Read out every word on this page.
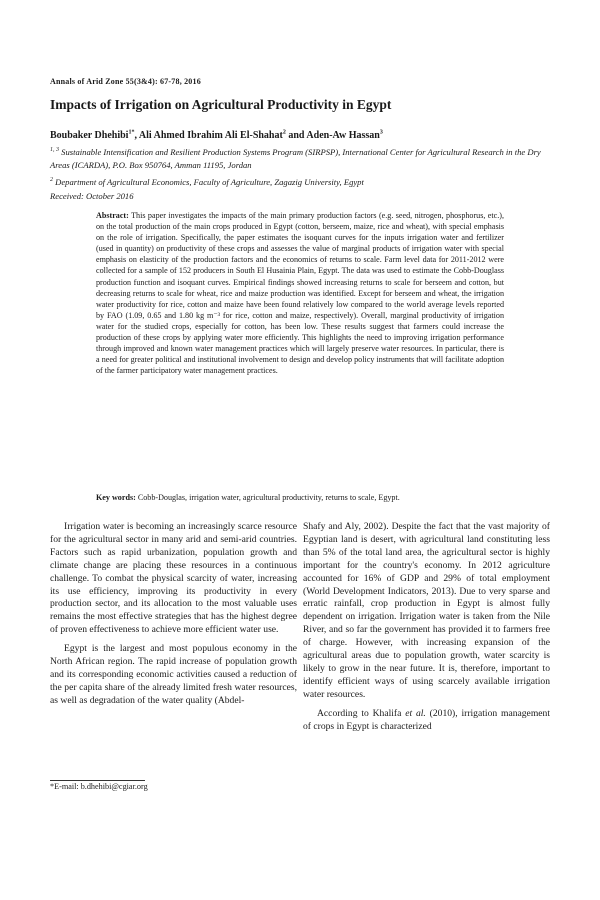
Annals of Arid Zone 55(3&4): 67-78, 2016
Impacts of Irrigation on Agricultural Productivity in Egypt
Boubaker Dhehibi$^{1*}$, Ali Ahmed Ibrahim Ali El-Shahat$^2$ and Aden-Aw Hassan$^3$
$^{1, 3}$ Sustainable Intensification and Resilient Production Systems Program (SIRPSP), International Center for Agricultural Research in the Dry Areas (ICARDA), P.O. Box 950764, Amman 11195, Jordan
$^2$ Department of Agricultural Economics, Faculty of Agriculture, Zagazig University, Egypt
Received: October 2016
Abstract: This paper investigates the impacts of the main primary production factors (e.g. seed, nitrogen, phosphorus, etc.), on the total production of the main crops produced in Egypt (cotton, berseem, maize, rice and wheat), with special emphasis on the role of irrigation. Specifically, the paper estimates the isoquant curves for the inputs irrigation water and fertilizer (used in quantity) on productivity of these crops and assesses the value of marginal products of irrigation water with special emphasis on elasticity of the production factors and the economics of returns to scale. Farm level data for 2011-2012 were collected for a sample of 152 producers in South El Husainia Plain, Egypt. The data was used to estimate the Cobb-Douglass production function and isoquant curves. Empirical findings showed increasing returns to scale for berseem and cotton, but decreasing returns to scale for wheat, rice and maize production was identified. Except for berseem and wheat, the irrigation water productivity for rice, cotton and maize have been found relatively low compared to the world average levels reported by FAO (1.09, 0.65 and 1.80 kg m⁻³ for rice, cotton and maize, respectively). Overall, marginal productivity of irrigation water for the studied crops, especially for cotton, has been low. These results suggest that farmers could increase the production of these crops by applying water more efficiently. This highlights the need to improving irrigation performance through improved and known water management practices which will largely preserve water resources. In particular, there is a need for greater political and institutional involvement to design and develop policy instruments that will facilitate adoption of the farmer participatory water management practices.
Key words: Cobb-Douglas, irrigation water, agricultural productivity, returns to scale, Egypt.

Irrigation water is becoming an increasingly scarce resource for the agricultural sector in many arid and semi-arid countries. Factors such as rapid urbanization, population growth and climate change are placing these resources in a continuous challenge. To combat the physical scarcity of water, increasing its use efficiency, improving its productivity in every production sector, and its allocation to the most valuable uses remains the most effective strategies that has the highest degree of proven effectiveness to achieve more efficient water use.

Egypt is the largest and most populous economy in the North African region. The rapid increase of population growth and its corresponding economic activities caused a reduction of the per capita share of the already limited fresh water resources, as well as degradation of the water quality (Abdel-

Shafy and Aly, 2002). Despite the fact that the vast majority of Egyptian land is desert, with agricultural land constituting less than 5% of the total land area, the agricultural sector is highly important for the country's economy. In 2012 agriculture accounted for 16% of GDP and 29% of total employment (World Development Indicators, 2013). Due to very sparse and erratic rainfall, crop production in Egypt is almost fully dependent on irrigation. Irrigation water is taken from the Nile River, and so far the government has provided it to farmers free of charge. However, with increasing expansion of the agricultural areas due to population growth, water scarcity is likely to grow in the near future. It is, therefore, important to identify efficient ways of using scarcely available irrigation water resources.

According to Khalifa et al. (2010), irrigation management of crops in Egypt is characterized

*E-mail: b.dhehibi@cgiar.org
